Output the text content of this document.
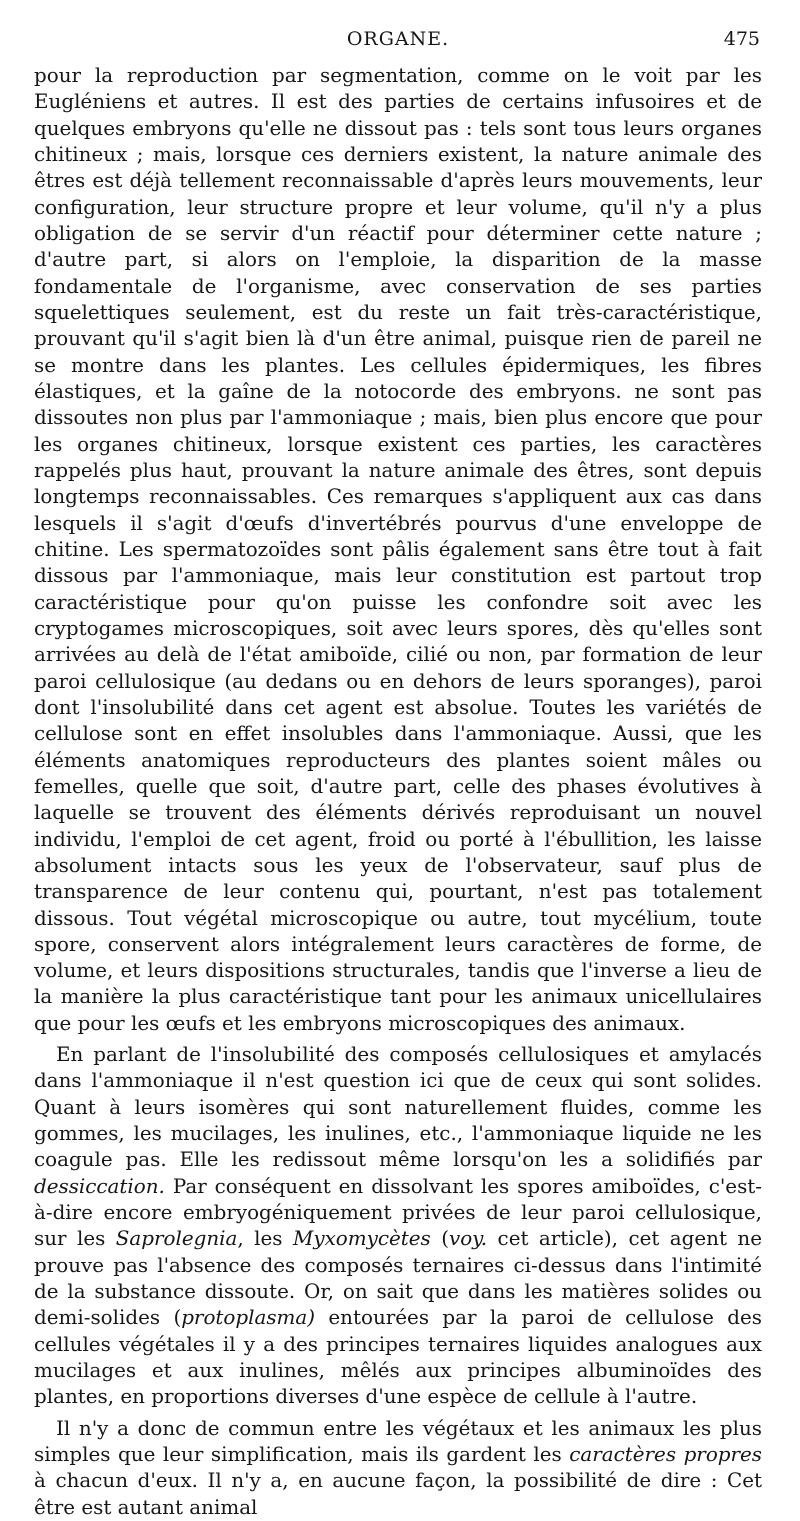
ORGANE.	475

pour la reproduction par segmentation, comme on le voit par les Eugléniens et autres. Il est des parties de certains infusoires et de quelques embryons qu'elle ne dissout pas : tels sont tous leurs organes chitineux ; mais, lorsque ces derniers existent, la nature animale des êtres est déjà tellement reconnaissable d'après leurs mouvements, leur configuration, leur structure propre et leur volume, qu'il n'y a plus obligation de se servir d'un réactif pour déterminer cette nature ; d'autre part, si alors on l'emploie, la disparition de la masse fondamentale de l'organisme, avec conservation de ses parties squelettiques seulement, est du reste un fait très-caractéristique, prouvant qu'il s'agit bien là d'un être animal, puisque rien de pareil ne se montre dans les plantes. Les cellules épidermiques, les fibres élastiques, et la gaîne de la notocorde des embryons. ne sont pas dissoutes non plus par l'ammoniaque ; mais, bien plus encore que pour les organes chitineux, lorsque existent ces parties, les caractères rappelés plus haut, prouvant la nature animale des êtres, sont depuis longtemps reconnaissables. Ces remarques s'appliquent aux cas dans lesquels il s'agit d'œufs d'invertébrés pourvus d'une enveloppe de chitine. Les spermatozoïdes sont pâlis également sans être tout à fait dissous par l'ammoniaque, mais leur constitution est partout trop caractéristique pour qu'on puisse les confondre soit avec les cryptogames microscopiques, soit avec leurs spores, dès qu'elles sont arrivées au delà de l'état amiboïde, cilié ou non, par formation de leur paroi cellulosique (au dedans ou en dehors de leurs sporanges), paroi dont l'insolubilité dans cet agent est absolue. Toutes les variétés de cellulose sont en effet insolubles dans l'ammoniaque. Aussi, que les éléments anatomiques reproducteurs des plantes soient mâles ou femelles, quelle que soit, d'autre part, celle des phases évolutives à laquelle se trouvent des éléments dérivés reproduisant un nouvel individu, l'emploi de cet agent, froid ou porté à l'ébullition, les laisse absolument intacts sous les yeux de l'observateur, sauf plus de transparence de leur contenu qui, pourtant, n'est pas totalement dissous. Tout végétal microscopique ou autre, tout mycélium, toute spore, conservent alors intégralement leurs caractères de forme, de volume, et leurs dispositions structurales, tandis que l'inverse a lieu de la manière la plus caractéristique tant pour les animaux unicellulaires que pour les œufs et les embryons microscopiques des animaux.

En parlant de l'insolubilité des composés cellulosiques et amylacés dans l'ammoniaque il n'est question ici que de ceux qui sont solides. Quant à leurs isomères qui sont naturellement fluides, comme les gommes, les mucilages, les inulines, etc., l'ammoniaque liquide ne les coagule pas. Elle les redissout même lorsqu'on les a solidifiés par dessiccation. Par conséquent en dissolvant les spores amiboïdes, c'est-à-dire encore embryogéniquement privées de leur paroi cellulosique, sur les Saprolegnia, les Myxomycètes (voy. cet article), cet agent ne prouve pas l'absence des composés ternaires ci-dessus dans l'intimité de la substance dissoute. Or, on sait que dans les matières solides ou demi-solides (protoplasma) entourées par la paroi de cellulose des cellules végétales il y a des principes ternaires liquides analogues aux mucilages et aux inulines, mêlés aux principes albuminoïdes des plantes, en proportions diverses d'une espèce de cellule à l'autre.

Il n'y a donc de commun entre les végétaux et les animaux les plus simples que leur simplification, mais ils gardent les caractères propres à chacun d'eux. Il n'y a, en aucune façon, la possibilité de dire : Cet être est autant animal
